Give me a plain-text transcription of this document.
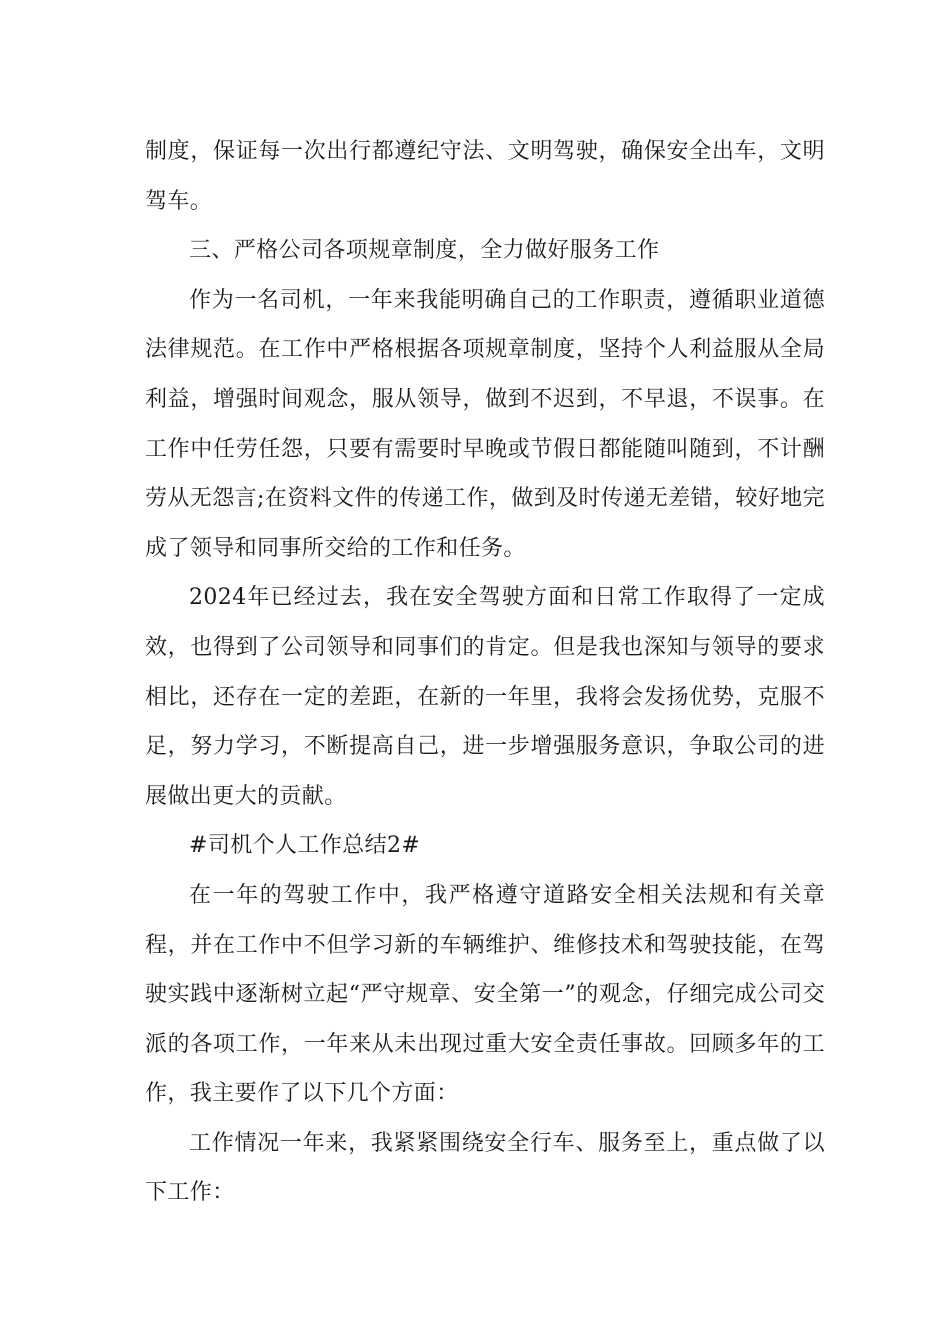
制度，保证每一次出行都遵纪守法、文明驾驶，确保安全出车，文明驾车。

三、严格公司各项规章制度，全力做好服务工作

作为一名司机，一年来我能明确自己的工作职责，遵循职业道德法律规范。在工作中严格根据各项规章制度，坚持个人利益服从全局利益，增强时间观念，服从领导，做到不迟到，不早退，不误事。在工作中任劳任怨，只要有需要时早晚或节假日都能随叫随到，不计酬劳从无怨言;在资料文件的传递工作，做到及时传递无差错，较好地完成了领导和同事所交给的工作和任务。

2024年已经过去，我在安全驾驶方面和日常工作取得了一定成效，也得到了公司领导和同事们的肯定。但是我也深知与领导的要求相比，还存在一定的差距，在新的一年里，我将会发扬优势，克服不足，努力学习，不断提高自己，进一步增强服务意识，争取公司的进展做出更大的贡献。

#司机个人工作总结2#

在一年的驾驶工作中，我严格遵守道路安全相关法规和有关章程，并在工作中不但学习新的车辆维护、维修技术和驾驶技能，在驾驶实践中逐渐树立起“严守规章、安全第一”的观念，仔细完成公司交派的各项工作，一年来从未出现过重大安全责任事故。回顾多年的工作，我主要作了以下几个方面：

工作情况一年来，我紧紧围绕安全行车、服务至上，重点做了以下工作：
